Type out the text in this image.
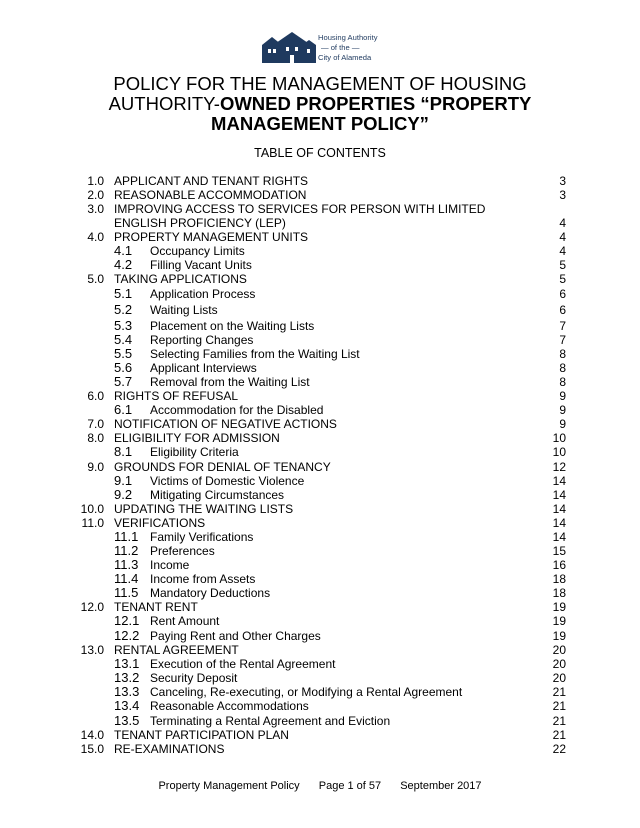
Housing Authority
— of the —
City of Alameda
POLICY FOR THE MANAGEMENT OF HOUSING
AUTHORITY-OWNED PROPERTIES “PROPERTY
MANAGEMENT POLICY”
TABLE OF CONTENTS
1.0 APPLICANT AND TENANT RIGHTS	3
2.0 REASONABLE ACCOMMODATION	3
3.0 IMPROVING ACCESS TO SERVICES FOR PERSON WITH LIMITED
ENGLISH PROFICIENCY (LEP)	4
4.0 PROPERTY MANAGEMENT UNITS	4
4.1 Occupancy Limits	4
4.2 Filling Vacant Units	5
5.0 TAKING APPLICATIONS	5
5.1 Application Process	6
5.2 Waiting Lists	6
5.3 Placement on the Waiting Lists	7
5.4 Reporting Changes	7
5.5 Selecting Families from the Waiting List	8
5.6 Applicant Interviews	8
5.7 Removal from the Waiting List	8
6.0 RIGHTS OF REFUSAL	9
6.1 Accommodation for the Disabled	9
7.0 NOTIFICATION OF NEGATIVE ACTIONS	9
8.0 ELIGIBILITY FOR ADMISSION	10
8.1 Eligibility Criteria	10
9.0 GROUNDS FOR DENIAL OF TENANCY	12
9.1 Victims of Domestic Violence	14
9.2 Mitigating Circumstances	14
10.0 UPDATING THE WAITING LISTS	14
11.0 VERIFICATIONS	14
11.1 Family Verifications	14
11.2 Preferences	15
11.3 Income	16
11.4 Income from Assets	18
11.5 Mandatory Deductions	18
12.0 TENANT RENT	19
12.1 Rent Amount	19
12.2 Paying Rent and Other Charges	19
13.0 RENTAL AGREEMENT	20
13.1 Execution of the Rental Agreement	20
13.2 Security Deposit	20
13.3 Canceling, Re-executing, or Modifying a Rental Agreement	21
13.4 Reasonable Accommodations	21
13.5 Terminating a Rental Agreement and Eviction	21
14.0 TENANT PARTICIPATION PLAN	21
15.0 RE-EXAMINATIONS	22
Property Management Policy Page 1 of 57 September 2017
